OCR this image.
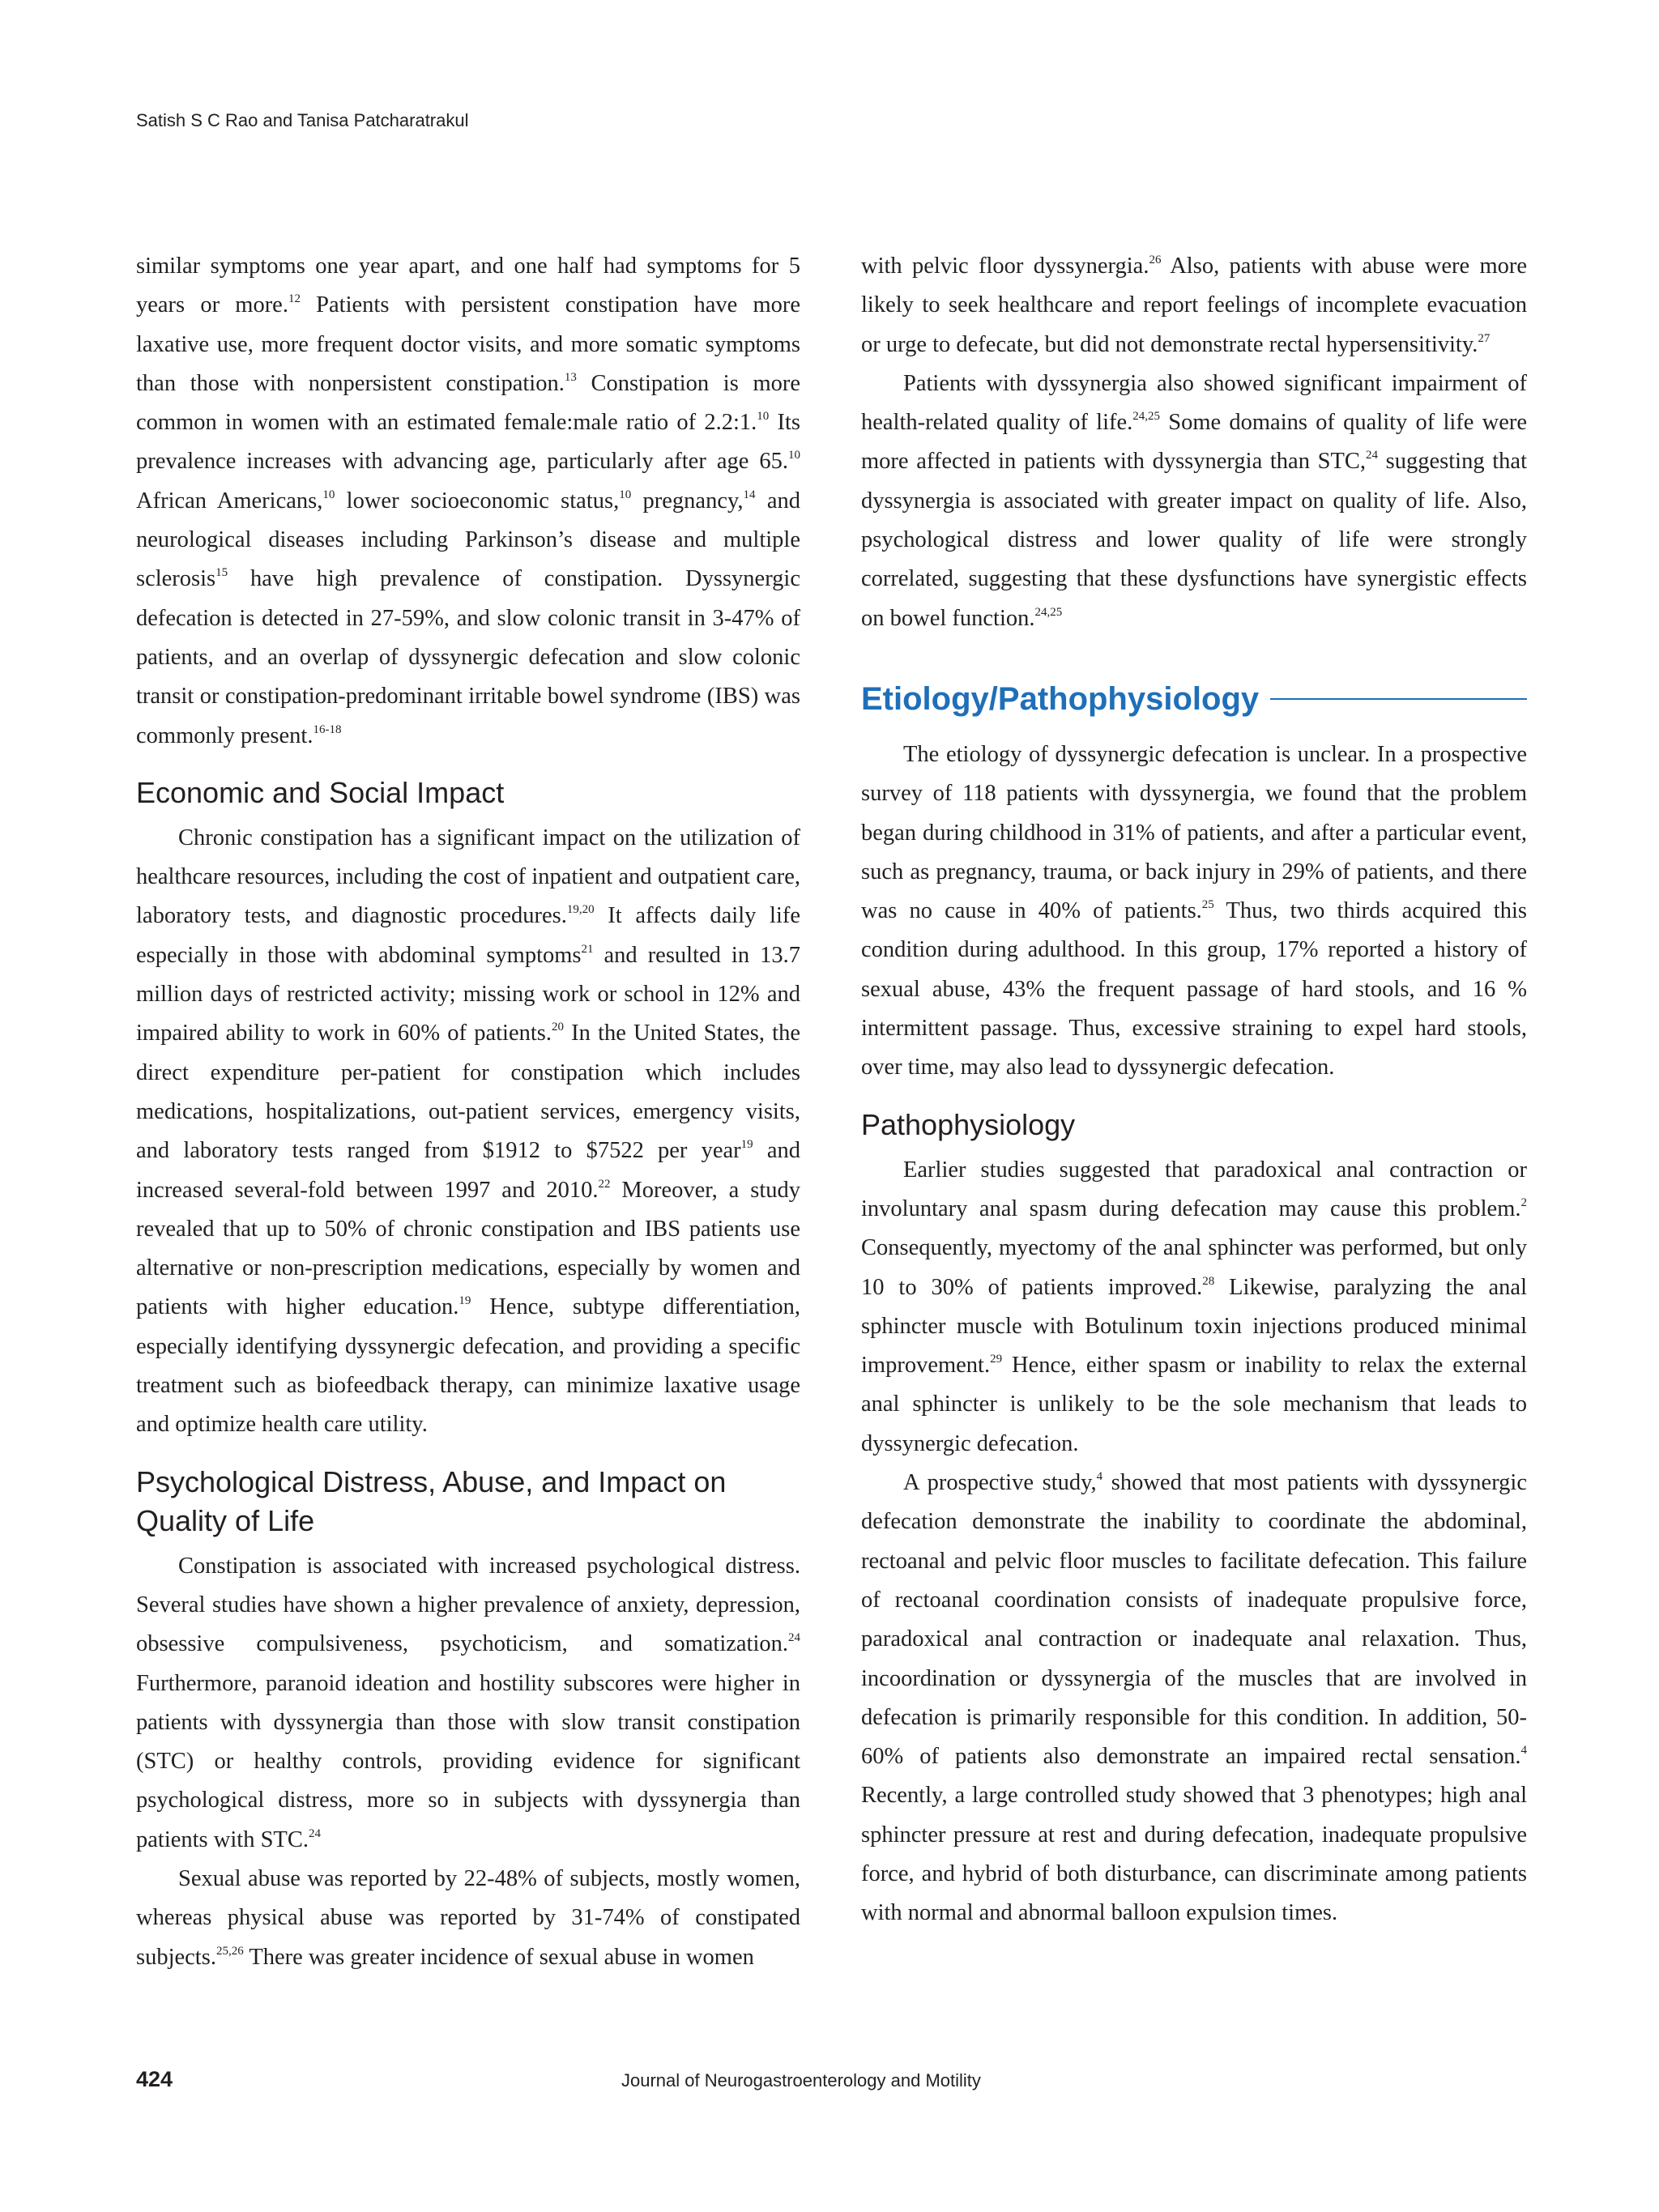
Satish S C Rao and Tanisa Patcharatrakul

similar symptoms one year apart, and one half had symptoms for 5 years or more.$^{12}$ Patients with persistent constipation have more laxative use, more frequent doctor visits, and more somatic symptoms than those with nonpersistent constipation.$^{13}$ Constipation is more common in women with an estimated female:male ratio of 2.2:1.10 Its prevalence increases with advancing age, particularly after age 65.10 African Americans,$^{10}$ lower socioeconomic status,$^{10}$ pregnancy,$^{14}$ and neurological diseases including Parkinson’s disease and multiple sclerosis$^{15}$ have high prevalence of constipation. Dyssynergic defecation is detected in 27-59%, and slow colonic transit in 3-47% of patients, and an overlap of dyssynergic defecation and slow colonic transit or constipation-predominant irritable bowel syndrome (IBS) was commonly present.$^{16-18}$

Economic and Social Impact

Chronic constipation has a significant impact on the utilization of healthcare resources, including the cost of inpatient and outpatient care, laboratory tests, and diagnostic procedures.$^{19,20}$ It affects daily life especially in those with abdominal symptoms$^{21}$ and resulted in 13.7 million days of restricted activity; missing work or school in 12% and impaired ability to work in 60% of patients.$^{20}$ In the United States, the direct expenditure per-patient for constipation which includes medications, hospitalizations, out-patient services, emergency visits, and laboratory tests ranged from $1912 to $7522 per year$^{19}$ and increased several-fold between 1997 and 2010.22 Moreover, a study revealed that up to 50% of chronic constipation and IBS patients use alternative or non-prescription medications, especially by women and patients with higher education.$^{19}$ Hence, subtype differentiation, especially identifying dyssynergic defecation, and providing a specific treatment such as biofeedback therapy, can minimize laxative usage and optimize health care utility.

Psychological Distress, Abuse, and Impact on Quality of Life

Constipation is associated with increased psychological distress. Several studies have shown a higher prevalence of anxiety, depression, obsessive compulsiveness, psychoticism, and somatization.$^{24}$ Furthermore, paranoid ideation and hostility subscores were higher in patients with dyssynergia than those with slow transit constipation (STC) or healthy controls, providing evidence for significant psychological distress, more so in subjects with dyssynergia than patients with STC.$^{24}$

Sexual abuse was reported by 22-48% of subjects, mostly women, whereas physical abuse was reported by 31-74% of constipated subjects.$^{25,26}$ There was greater incidence of sexual abuse in women

with pelvic floor dyssynergia.$^{26}$ Also, patients with abuse were more likely to seek healthcare and report feelings of incomplete evacuation or urge to defecate, but did not demonstrate rectal hypersensitivity.$^{27}$

Patients with dyssynergia also showed significant impairment of health-related quality of life.$^{24,25}$ Some domains of quality of life were more affected in patients with dyssynergia than STC,$^{24}$ suggesting that dyssynergia is associated with greater impact on quality of life. Also, psychological distress and lower quality of life were strongly correlated, suggesting that these dysfunctions have synergistic effects on bowel function.$^{24,25}$

Etiology/Pathophysiology

The etiology of dyssynergic defecation is unclear. In a prospective survey of 118 patients with dyssynergia, we found that the problem began during childhood in 31% of patients, and after a particular event, such as pregnancy, trauma, or back injury in 29% of patients, and there was no cause in 40% of patients.$^{25}$ Thus, two thirds acquired this condition during adulthood. In this group, 17% reported a history of sexual abuse, 43% the frequent passage of hard stools, and 16 % intermittent passage. Thus, excessive straining to expel hard stools, over time, may also lead to dyssynergic defecation.

Pathophysiology

Earlier studies suggested that paradoxical anal contraction or involuntary anal spasm during defecation may cause this problem.$^2$ Consequently, myectomy of the anal sphincter was performed, but only 10 to 30% of patients improved.$^{28}$ Likewise, paralyzing the anal sphincter muscle with Botulinum toxin injections produced minimal improvement.$^{29}$ Hence, either spasm or inability to relax the external anal sphincter is unlikely to be the sole mechanism that leads to dyssynergic defecation.

A prospective study,$^4$ showed that most patients with dyssynergic defecation demonstrate the inability to coordinate the abdominal, rectoanal and pelvic floor muscles to facilitate defecation. This failure of rectoanal coordination consists of inadequate propulsive force, paradoxical anal contraction or inadequate anal relaxation. Thus, incoordination or dyssynergia of the muscles that are involved in defecation is primarily responsible for this condition. In addition, 50-60% of patients also demonstrate an impaired rectal sensation.$^4$ Recently, a large controlled study showed that 3 phenotypes; high anal sphincter pressure at rest and during defecation, inadequate propulsive force, and hybrid of both disturbance, can discriminate among patients with normal and abnormal balloon expulsion times.

424	Journal of Neurogastroenterology and Motility
